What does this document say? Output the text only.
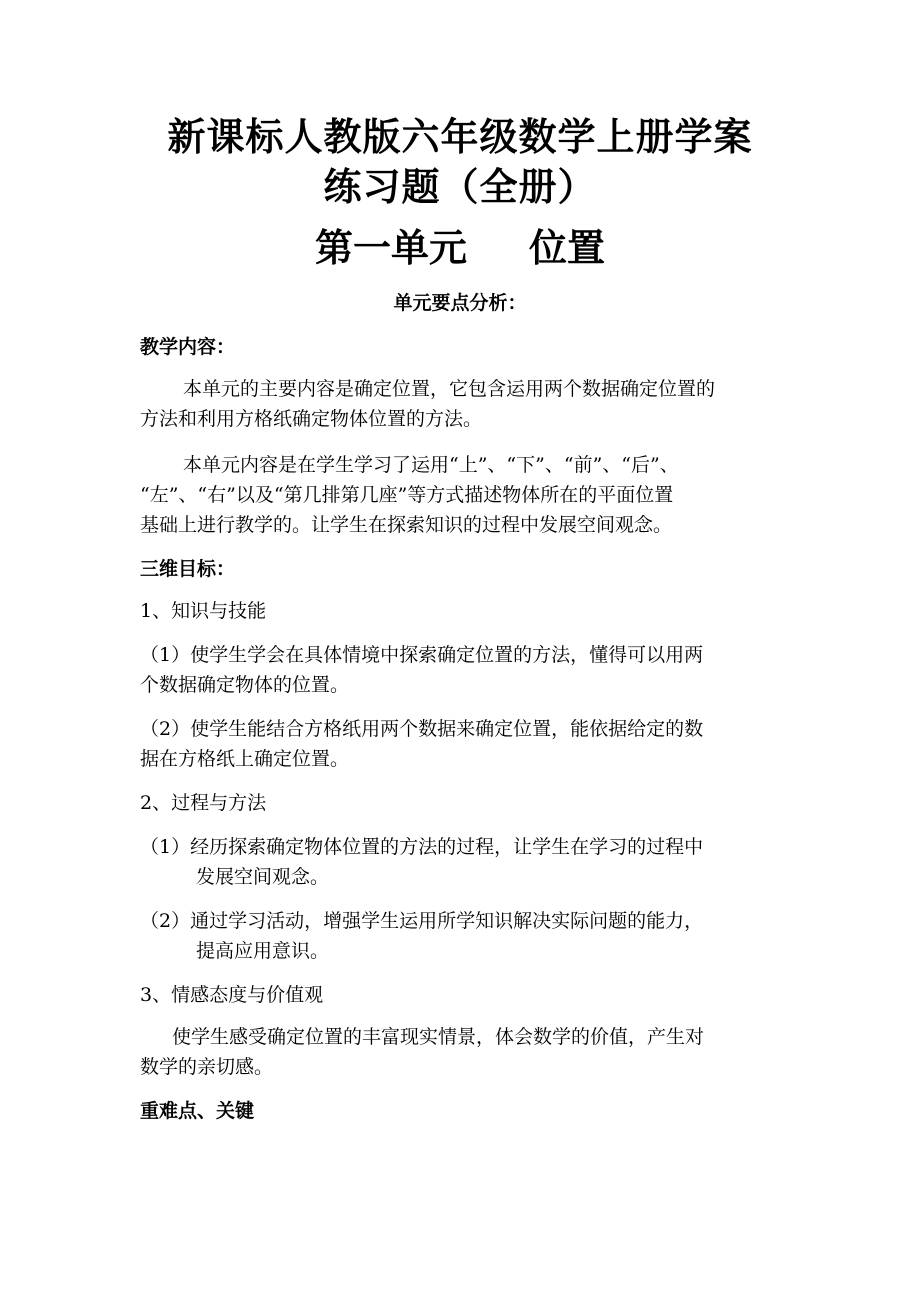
新课标人教版六年级数学上册学案
练习题（全册）
第一单元 位置

单元要点分析：

教学内容：

本单元的主要内容是确定位置，它包含运用两个数据确定位置的

方法和利用方格纸确定物体位置的方法。

本单元内容是在学生学习了运用“上”、“下”、“前”、“后”、

“左”、“右”以及“第几排第几座”等方式描述物体所在的平面位置

基础上进行教学的。让学生在探索知识的过程中发展空间观念。

三维目标：

1、知识与技能

（1）使学生学会在具体情境中探索确定位置的方法，懂得可以用两

个数据确定物体的位置。

（2）使学生能结合方格纸用两个数据来确定位置，能依据给定的数

据在方格纸上确定位置。

2、过程与方法

（1）经历探索确定物体位置的方法的过程，让学生在学习的过程中

发展空间观念。

（2）通过学习活动，增强学生运用所学知识解决实际问题的能力，

提高应用意识。

3、情感态度与价值观

使学生感受确定位置的丰富现实情景，体会数学的价值，产生对

数学的亲切感。

重难点、关键
